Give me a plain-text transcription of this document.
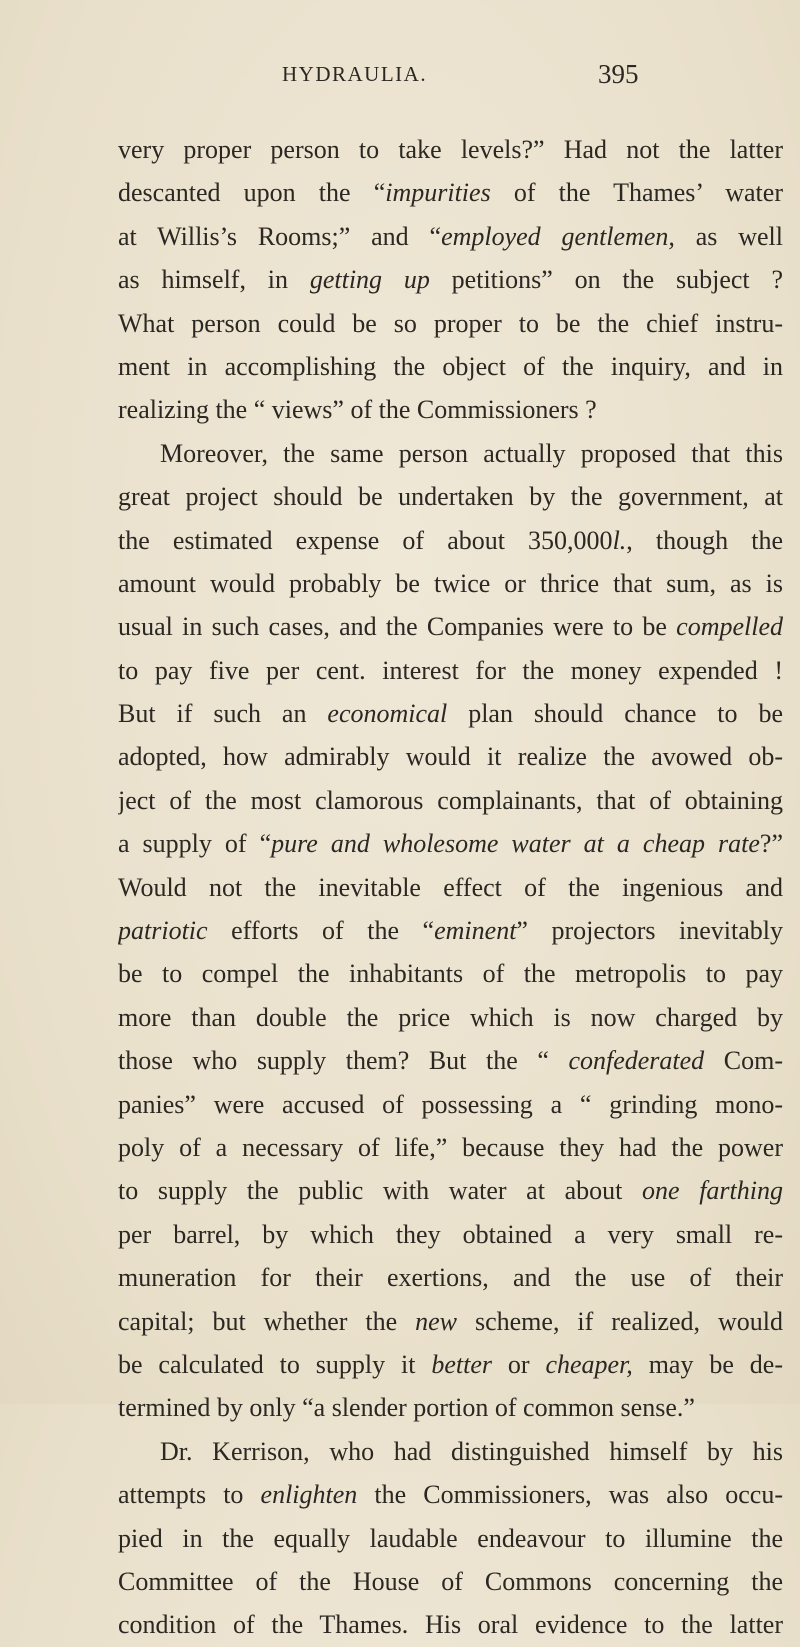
HYDRAULIA.	395
very proper person to take levels?” Had not the latter
descanted upon the “impurities of the Thames’ water
at Willis’s Rooms;” and “employed gentlemen, as well
as himself, in getting up petitions” on the subject ?
What person could be so proper to be the chief instru-
ment in accomplishing the object of the inquiry, and in
realizing the “ views” of the Commissioners ?
Moreover, the same person actually proposed that this
great project should be undertaken by the government, at
the estimated expense of about 350,000l., though the
amount would probably be twice or thrice that sum, as is
usual in such cases, and the Companies were to be compelled
to pay five per cent. interest for the money expended !
But if such an economical plan should chance to be
adopted, how admirably would it realize the avowed ob-
ject of the most clamorous complainants, that of obtaining
a supply of “pure and wholesome water at a cheap rate?”
Would not the inevitable effect of the ingenious and
patriotic efforts of the “eminent” projectors inevitably
be to compel the inhabitants of the metropolis to pay
more than double the price which is now charged by
those who supply them? But the “ confederated Com-
panies” were accused of possessing a “ grinding mono-
poly of a necessary of life,” because they had the power
to supply the public with water at about one farthing
per barrel, by which they obtained a very small re-
muneration for their exertions, and the use of their
capital; but whether the new scheme, if realized, would
be calculated to supply it better or cheaper, may be de-
termined by only “a slender portion of common sense.”
Dr. Kerrison, who had distinguished himself by his
attempts to enlighten the Commissioners, was also occu-
pied in the equally laudable endeavour to illumine the
Committee of the House of Commons concerning the
condition of the Thames. His oral evidence to the latter
